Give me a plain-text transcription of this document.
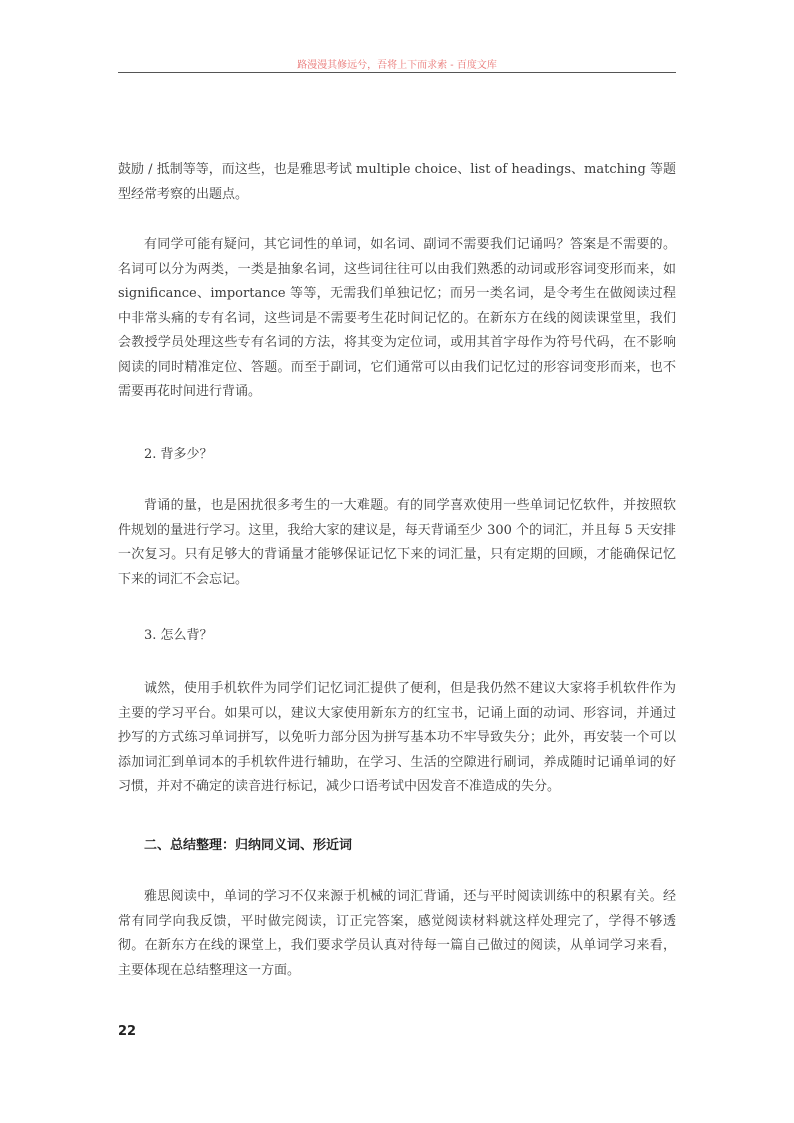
路漫漫其修远兮，吾将上下而求索 - 百度文库

鼓励 / 抵制等等，而这些，也是雅思考试 multiple choice、list of headings、matching 等题型经常考察的出题点。

有同学可能有疑问，其它词性的单词，如名词、副词不需要我们记诵吗？答案是不需要的。名词可以分为两类，一类是抽象名词，这些词往往可以由我们熟悉的动词或形容词变形而来，如 significance、importance 等等，无需我们单独记忆；而另一类名词，是令考生在做阅读过程中非常头痛的专有名词，这些词是不需要考生花时间记忆的。在新东方在线的阅读课堂里，我们会教授学员处理这些专有名词的方法，将其变为定位词，或用其首字母作为符号代码，在不影响阅读的同时精准定位、答题。而至于副词，它们通常可以由我们记忆过的形容词变形而来，也不需要再花时间进行背诵。

2. 背多少？

背诵的量，也是困扰很多考生的一大难题。有的同学喜欢使用一些单词记忆软件，并按照软件规划的量进行学习。这里，我给大家的建议是，每天背诵至少 300 个的词汇，并且每 5 天安排一次复习。只有足够大的背诵量才能够保证记忆下来的词汇量，只有定期的回顾，才能确保记忆下来的词汇不会忘记。

3. 怎么背？

诚然，使用手机软件为同学们记忆词汇提供了便利，但是我仍然不建议大家将手机软件作为主要的学习平台。如果可以，建议大家使用新东方的红宝书，记诵上面的动词、形容词，并通过抄写的方式练习单词拼写，以免听力部分因为拼写基本功不牢导致失分；此外，再安装一个可以添加词汇到单词本的手机软件进行辅助，在学习、生活的空隙进行刷词，养成随时记诵单词的好习惯，并对不确定的读音进行标记，减少口语考试中因发音不准造成的失分。

二、总结整理：归纳同义词、形近词

雅思阅读中，单词的学习不仅来源于机械的词汇背诵，还与平时阅读训练中的积累有关。经常有同学向我反馈，平时做完阅读，订正完答案，感觉阅读材料就这样处理完了，学得不够透彻。在新东方在线的课堂上，我们要求学员认真对待每一篇自己做过的阅读，从单词学习来看，主要体现在总结整理这一方面。

22
